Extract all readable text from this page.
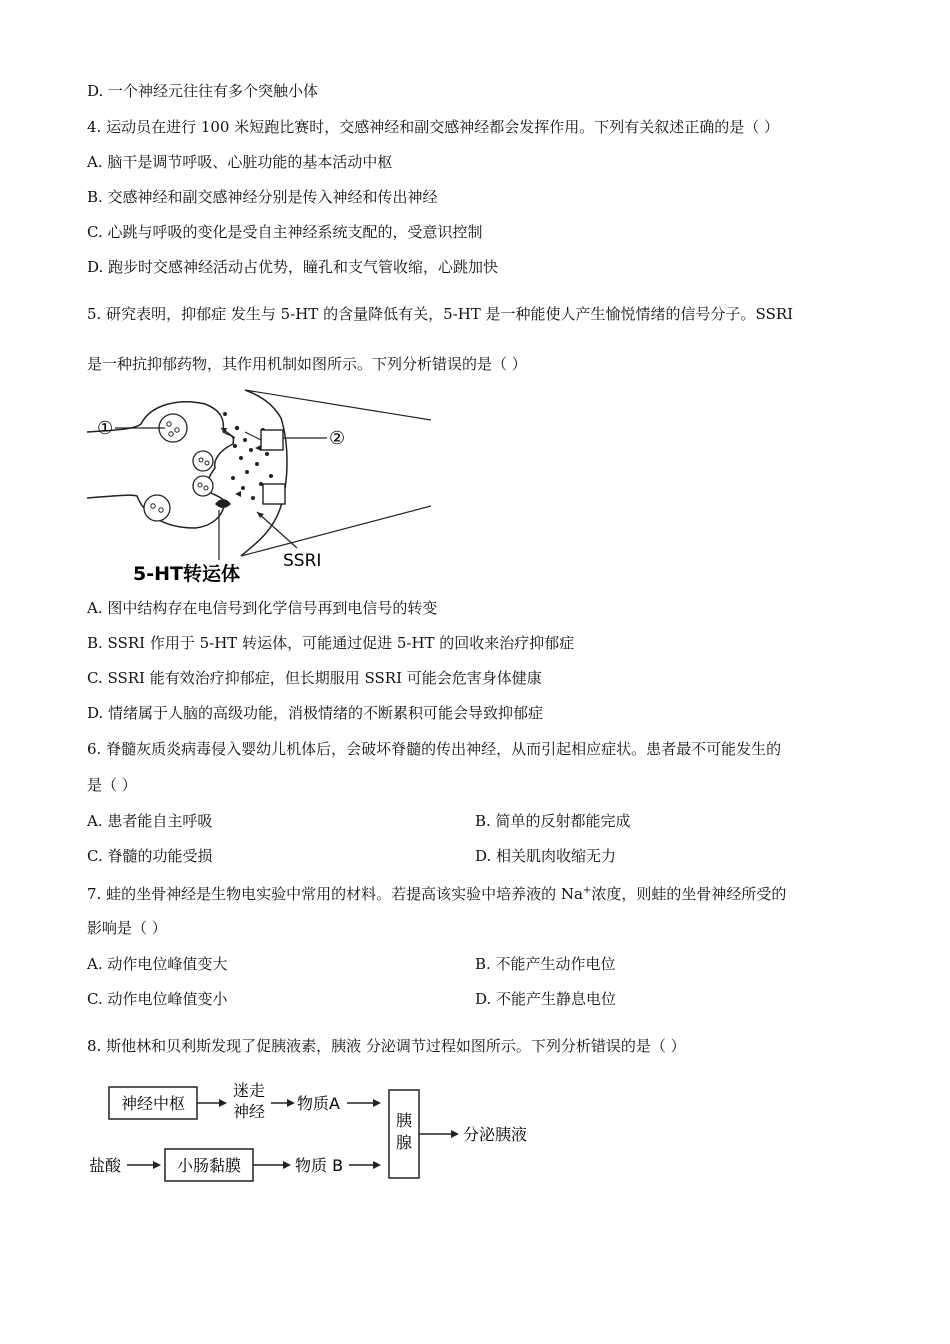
D. 一个神经元往往有多个突触小体
4. 运动员在进行 100 米短跑比赛时，交感神经和副交感神经都会发挥作用。下列有关叙述正确的是（ ）
A. 脑干是调节呼吸、心脏功能的基本活动中枢
B. 交感神经和副交感神经分别是传入神经和传出神经
C. 心跳与呼吸的变化是受自主神经系统支配的，受意识控制
D. 跑步时交感神经活动占优势，瞳孔和支气管收缩，心跳加快
5. 研究表明，抑郁症 发生与 5-HT 的含量降低有关，5-HT 是一种能使人产生愉悦情绪的信号分子。SSRI
是一种抗抑郁药物，其作用机制如图所示。下列分析错误的是（ ）
①	②
SSRI
5-HT转运体
A. 图中结构存在电信号到化学信号再到电信号的转变
B. SSRI 作用于 5-HT 转运体，可能通过促进 5-HT 的回收来治疗抑郁症
C. SSRI 能有效治疗抑郁症，但长期服用 SSRI 可能会危害身体健康
D. 情绪属于人脑的高级功能，消极情绪的不断累积可能会导致抑郁症
6. 脊髓灰质炎病毒侵入婴幼儿机体后，会破坏脊髓的传出神经，从而引起相应症状。患者最不可能发生的
是（ ）
A. 患者能自主呼吸	B. 简单的反射都能完成
C. 脊髓的功能受损	D. 相关肌肉收缩无力
7. 蛙的坐骨神经是生物电实验中常用的材料。若提高该实验中培养液的 Na+浓度，则蛙的坐骨神经所受的
影响是（ ）
A. 动作电位峰值变大	B. 不能产生动作电位
C. 动作电位峰值变小	D. 不能产生静息电位
8. 斯他林和贝利斯发现了促胰液素，胰液 分泌调节过程如图所示。下列分析错误的是（ ）
神经中枢
迷走
神经 物质A
盐酸	小肠黏膜	物质 B
胰
腺	分泌胰液
